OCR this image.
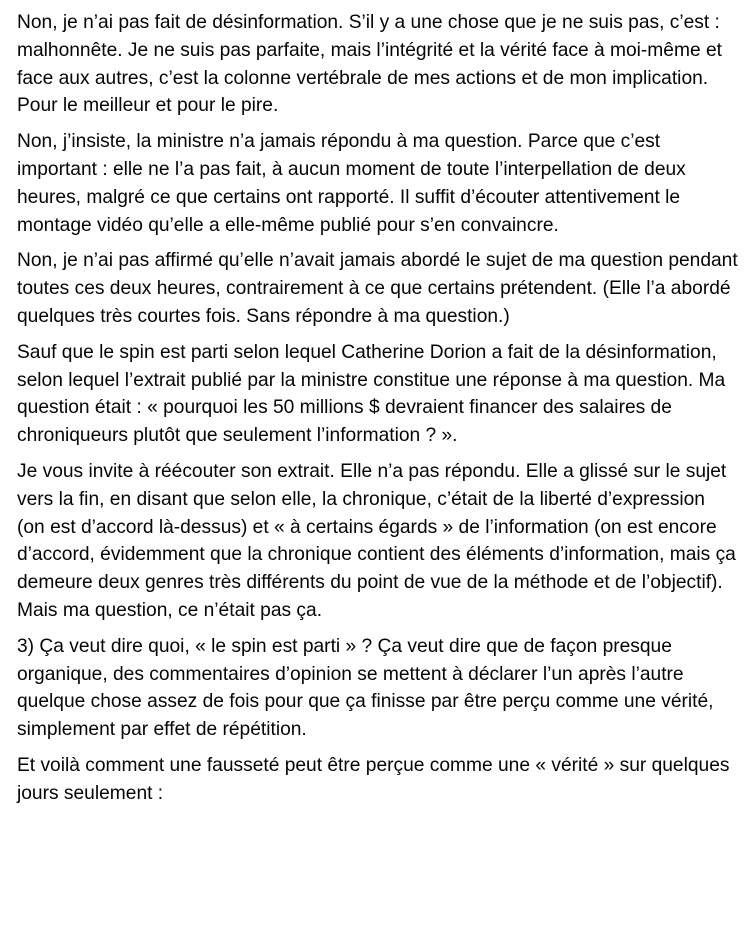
Non, je n’ai pas fait de désinformation. S’il y a une chose que je ne suis pas, c’est : malhonnête. Je ne suis pas parfaite, mais l’intégrité et la vérité face à moi-même et face aux autres, c’est la colonne vertébrale de mes actions et de mon implication. Pour le meilleur et pour le pire.

Non, j’insiste, la ministre n’a jamais répondu à ma question. Parce que c’est important : elle ne l’a pas fait, à aucun moment de toute l’interpellation de deux heures, malgré ce que certains ont rapporté. Il suffit d’écouter attentivement le montage vidéo qu’elle a elle-même publié pour s’en convaincre.

Non, je n’ai pas affirmé qu’elle n’avait jamais abordé le sujet de ma question pendant toutes ces deux heures, contrairement à ce que certains prétendent. (Elle l’a abordé quelques très courtes fois. Sans répondre à ma question.)

Sauf que le spin est parti selon lequel Catherine Dorion a fait de la désinformation, selon lequel l’extrait publié par la ministre constitue une réponse à ma question. Ma question était : « pourquoi les 50 millions $ devraient financer des salaires de chroniqueurs plutôt que seulement l’information ? ».

Je vous invite à réécouter son extrait. Elle n’a pas répondu. Elle a glissé sur le sujet vers la fin, en disant que selon elle, la chronique, c’était de la liberté d’expression (on est d’accord là-dessus) et « à certains égards » de l’information (on est encore d’accord, évidemment que la chronique contient des éléments d’information, mais ça demeure deux genres très différents du point de vue de la méthode et de l’objectif). Mais ma question, ce n’était pas ça.

3) Ça veut dire quoi, « le spin est parti » ? Ça veut dire que de façon presque organique, des commentaires d’opinion se mettent à déclarer l’un après l’autre quelque chose assez de fois pour que ça finisse par être perçu comme une vérité, simplement par effet de répétition.

Et voilà comment une fausseté peut être perçue comme une « vérité » sur quelques jours seulement :
